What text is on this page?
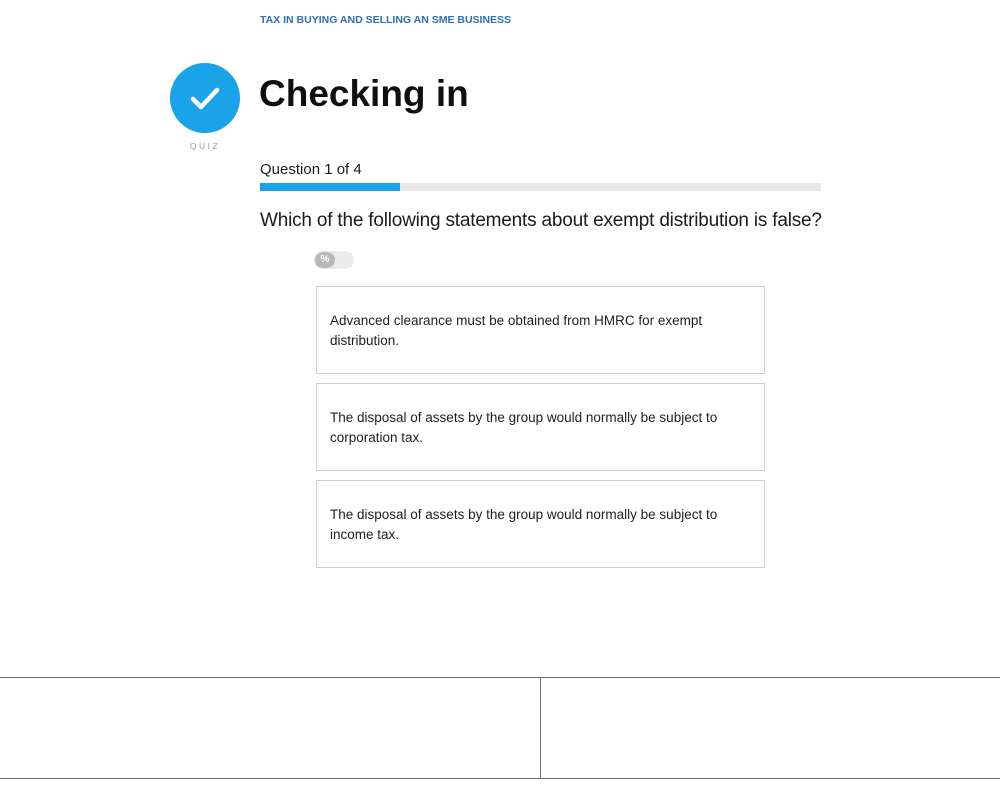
TAX IN BUYING AND SELLING AN SME BUSINESS
QUIZ
Checking in
Question 1 of 4
Which of the following statements about exempt distribution is false?
%
Advanced clearance must be obtained from HMRC for exempt distribution.
The disposal of assets by the group would normally be subject to corporation tax.
The disposal of assets by the group would normally be subject to income tax.
